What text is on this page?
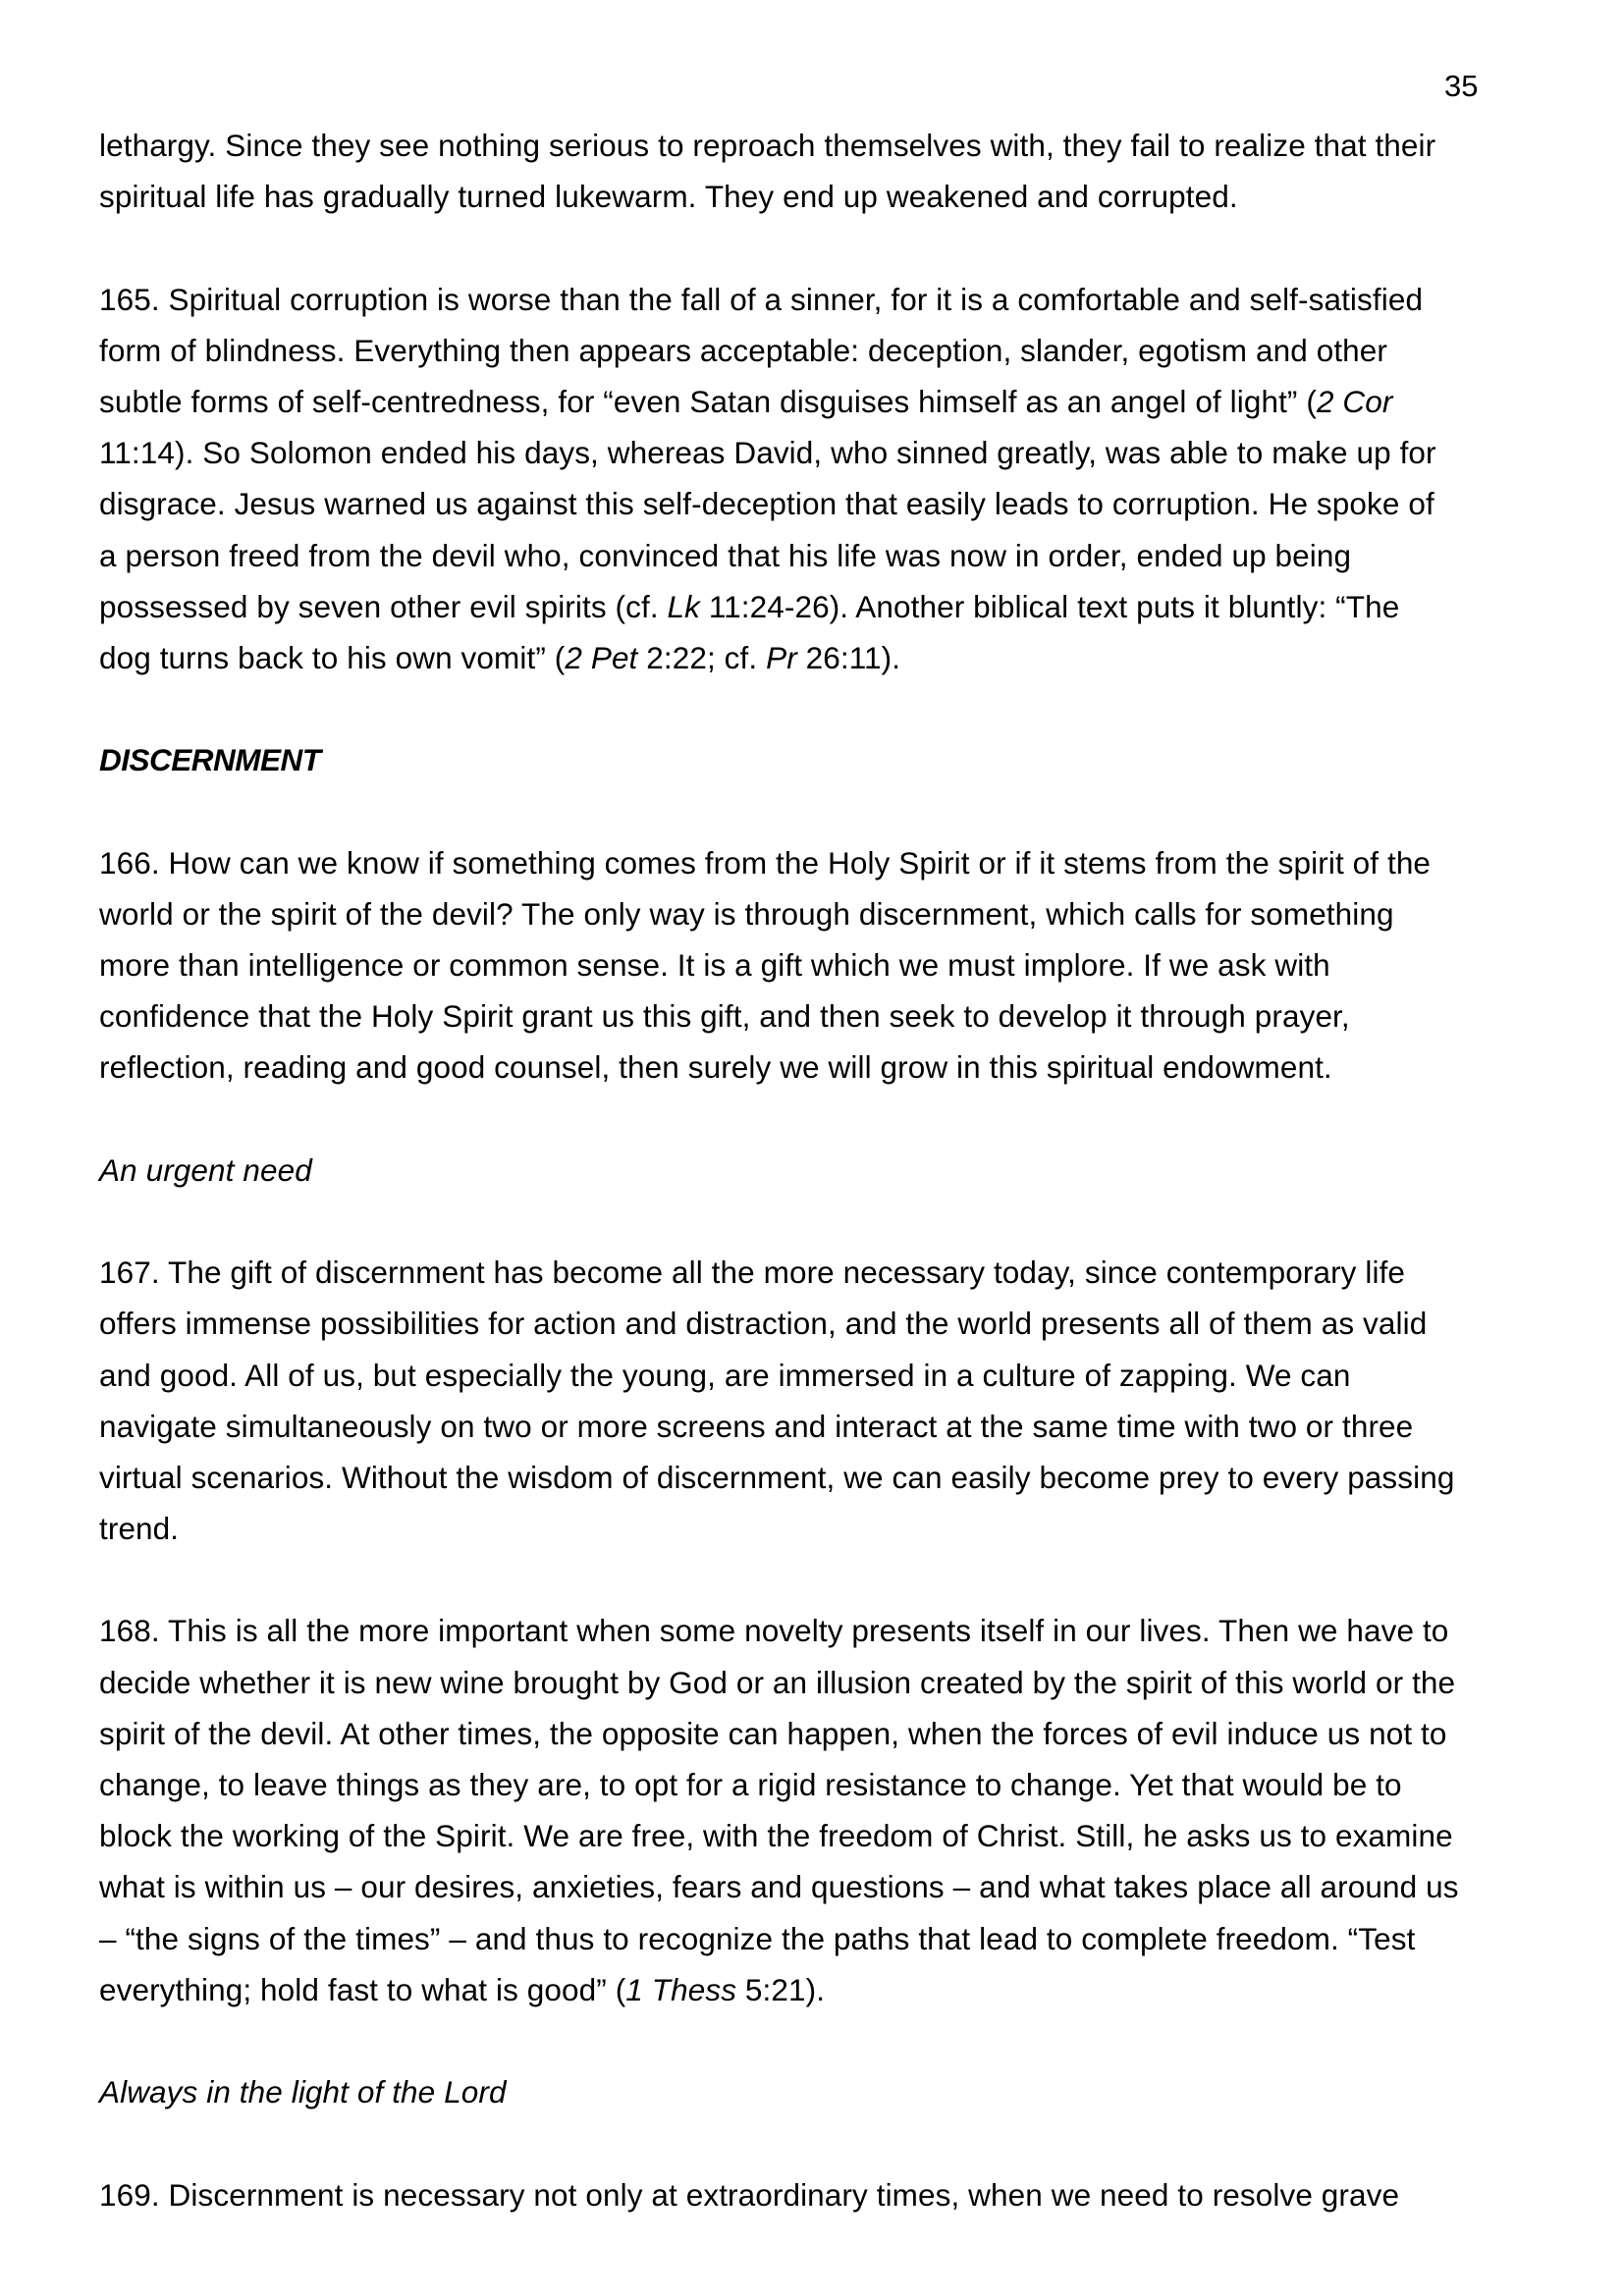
35
lethargy. Since they see nothing serious to reproach themselves with, they fail to realize that their
spiritual life has gradually turned lukewarm. They end up weakened and corrupted.
165. Spiritual corruption is worse than the fall of a sinner, for it is a comfortable and self-satisfied
form of blindness. Everything then appears acceptable: deception, slander, egotism and other
subtle forms of self-centredness, for “even Satan disguises himself as an angel of light” (2 Cor
11:14). So Solomon ended his days, whereas David, who sinned greatly, was able to make up for
disgrace. Jesus warned us against this self-deception that easily leads to corruption. He spoke of
a person freed from the devil who, convinced that his life was now in order, ended up being
possessed by seven other evil spirits (cf. Lk 11:24-26). Another biblical text puts it bluntly: “The
dog turns back to his own vomit” (2 Pet 2:22; cf. Pr 26:11).
DISCERNMENT
166. How can we know if something comes from the Holy Spirit or if it stems from the spirit of the
world or the spirit of the devil? The only way is through discernment, which calls for something
more than intelligence or common sense. It is a gift which we must implore. If we ask with
confidence that the Holy Spirit grant us this gift, and then seek to develop it through prayer,
reflection, reading and good counsel, then surely we will grow in this spiritual endowment.
An urgent need
167. The gift of discernment has become all the more necessary today, since contemporary life
offers immense possibilities for action and distraction, and the world presents all of them as valid
and good. All of us, but especially the young, are immersed in a culture of zapping. We can
navigate simultaneously on two or more screens and interact at the same time with two or three
virtual scenarios. Without the wisdom of discernment, we can easily become prey to every passing
trend.
168. This is all the more important when some novelty presents itself in our lives. Then we have to
decide whether it is new wine brought by God or an illusion created by the spirit of this world or the
spirit of the devil. At other times, the opposite can happen, when the forces of evil induce us not to
change, to leave things as they are, to opt for a rigid resistance to change. Yet that would be to
block the working of the Spirit. We are free, with the freedom of Christ. Still, he asks us to examine
what is within us – our desires, anxieties, fears and questions – and what takes place all around us
– “the signs of the times” – and thus to recognize the paths that lead to complete freedom. “Test
everything; hold fast to what is good” (1 Thess 5:21).
Always in the light of the Lord
169. Discernment is necessary not only at extraordinary times, when we need to resolve grave
